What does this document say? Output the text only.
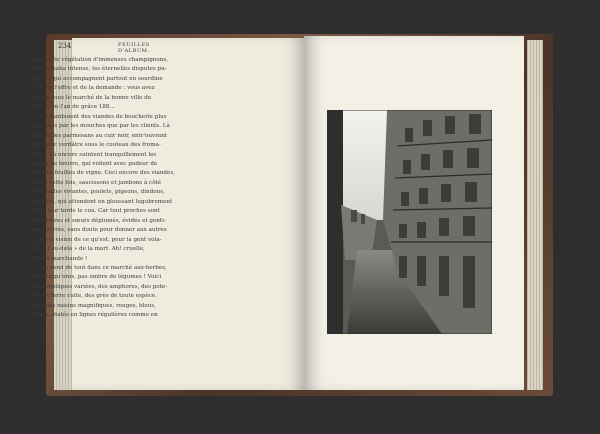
234	FEUILLES D'ALBUM.
Sous cette végétation d'immenses champignons,
un brouhaha intense, les éternelles disputes pu-
bliques qui accompagnent partout en sourdine
la loi de l'offre et de la demande : vous avez
devant vous le marché de la bonne ville de
Vérone en l'an de grâce 188...
Ici flamboient des viandes de boucherie plus
assiégées par les mouches que par les clients. Là
bâillent les parmesans au cuir noir, entr'ouvrant
leur flanc verdâtre sous le couteau des froma-
gères. Là encore suintent tranquillement les
boules de beurre, qui voilent avec pudeur de
fraîches feuilles de vigne. Ceci encore des viandes,
salées cette fois, saucissons et jambons à côté
de volailles vivantes, poulets, pigeons, dindons,
pintades, qui attendent en gloussant lugubrement
qu'on leur torde le cou. Car tout proches sont
leurs frères et sœurs déplumés, évidés et genti-
ment serrés, sans doute pour donner aux autres
la riante vision de ce qu'est, pour la gent vola-
tile, « l'au-delà » de la mort. Ah! cruelle,
cruelle marchande !
Ou vend de tout dans ce marché aux-herbes,
mais jusqu'ores, pas ombre de légumes ! Voici
des majoliques variées, des amphores, des pote-
ries de terre cuite, des grès de toute espèce.
Voilà des raisins magnifiques, rouges, bleus,
blancs, étalés en lignes régulières comme en
